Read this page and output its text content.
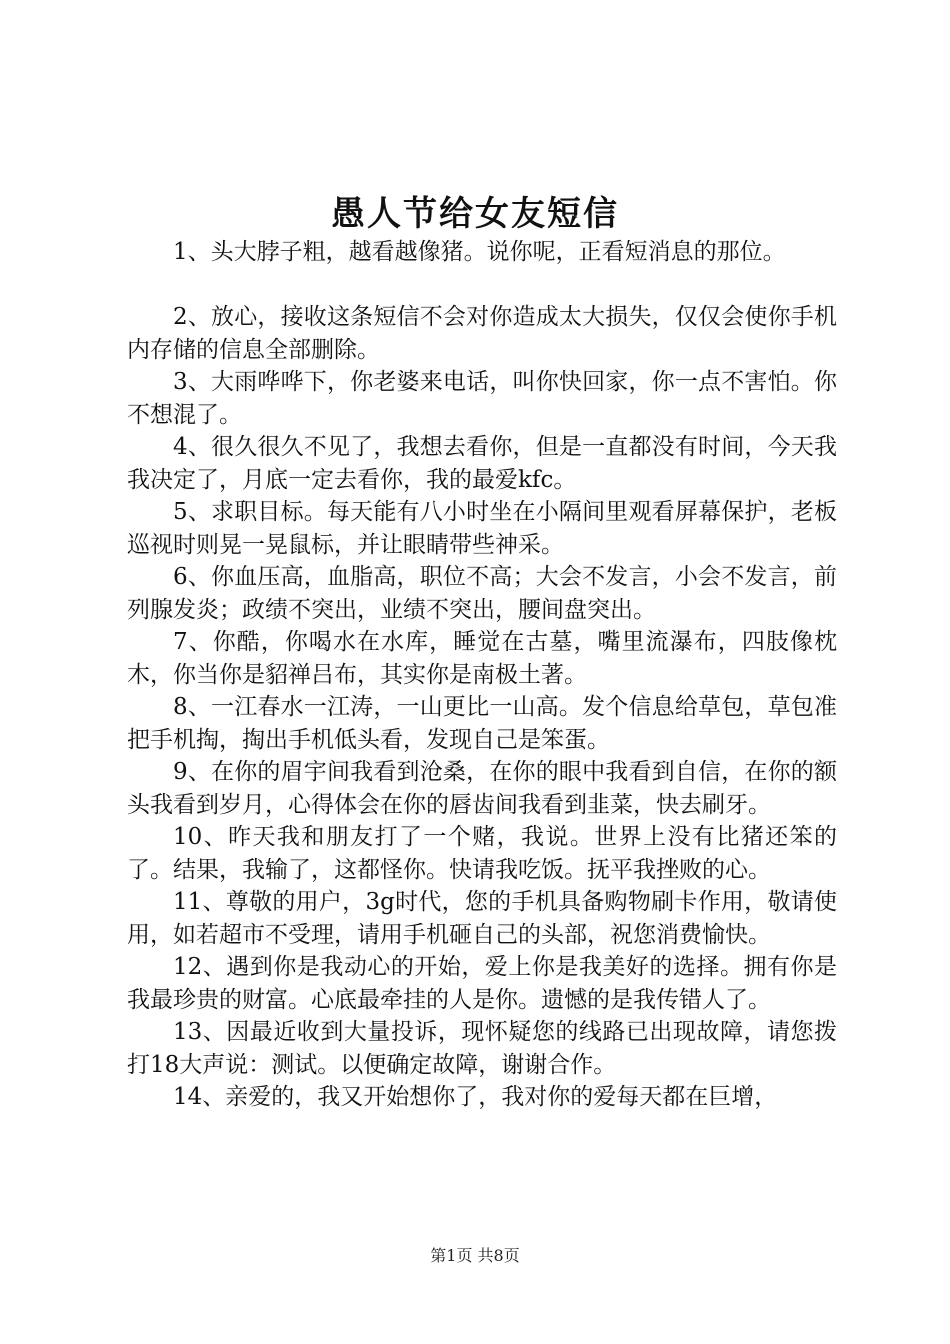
愚人节给女友短信

1、头大脖子粗，越看越像猪。说你呢，正看短消息的那位。

2、放心，接收这条短信不会对你造成太大损失，仅仅会使你手机内存储的信息全部删除。

3、大雨哗哗下，你老婆来电话，叫你快回家，你一点不害怕。你不想混了。

4、很久很久不见了，我想去看你，但是一直都没有时间，今天我我决定了，月底一定去看你，我的最爱kfc。

5、求职目标。每天能有八小时坐在小隔间里观看屏幕保护，老板巡视时则晃一晃鼠标，并让眼睛带些神采。

6、你血压高，血脂高，职位不高；大会不发言，小会不发言，前列腺发炎；政绩不突出，业绩不突出，腰间盘突出。

7、你酷，你喝水在水库，睡觉在古墓，嘴里流瀑布，四肢像枕木，你当你是貂禅吕布，其实你是南极土著。

8、一江春水一江涛，一山更比一山高。发个信息给草包，草包准把手机掏，掏出手机低头看，发现自己是笨蛋。

9、在你的眉宇间我看到沧桑，在你的眼中我看到自信，在你的额头我看到岁月，心得体会在你的唇齿间我看到韭菜，快去刷牙。

10、昨天我和朋友打了一个赌，我说。世界上没有比猪还笨的了。结果，我输了，这都怪你。快请我吃饭。抚平我挫败的心。

11、尊敬的用户，3g时代，您的手机具备购物刷卡作用，敬请使用，如若超市不受理，请用手机砸自己的头部，祝您消费愉快。

12、遇到你是我动心的开始，爱上你是我美好的选择。拥有你是我最珍贵的财富。心底最牵挂的人是你。遗憾的是我传错人了。

13、因最近收到大量投诉，现怀疑您的线路已出现故障，请您拨打18大声说：测试。以便确定故障，谢谢合作。

14、亲爱的，我又开始想你了，我对你的爱每天都在巨增，

第1页 共8页
